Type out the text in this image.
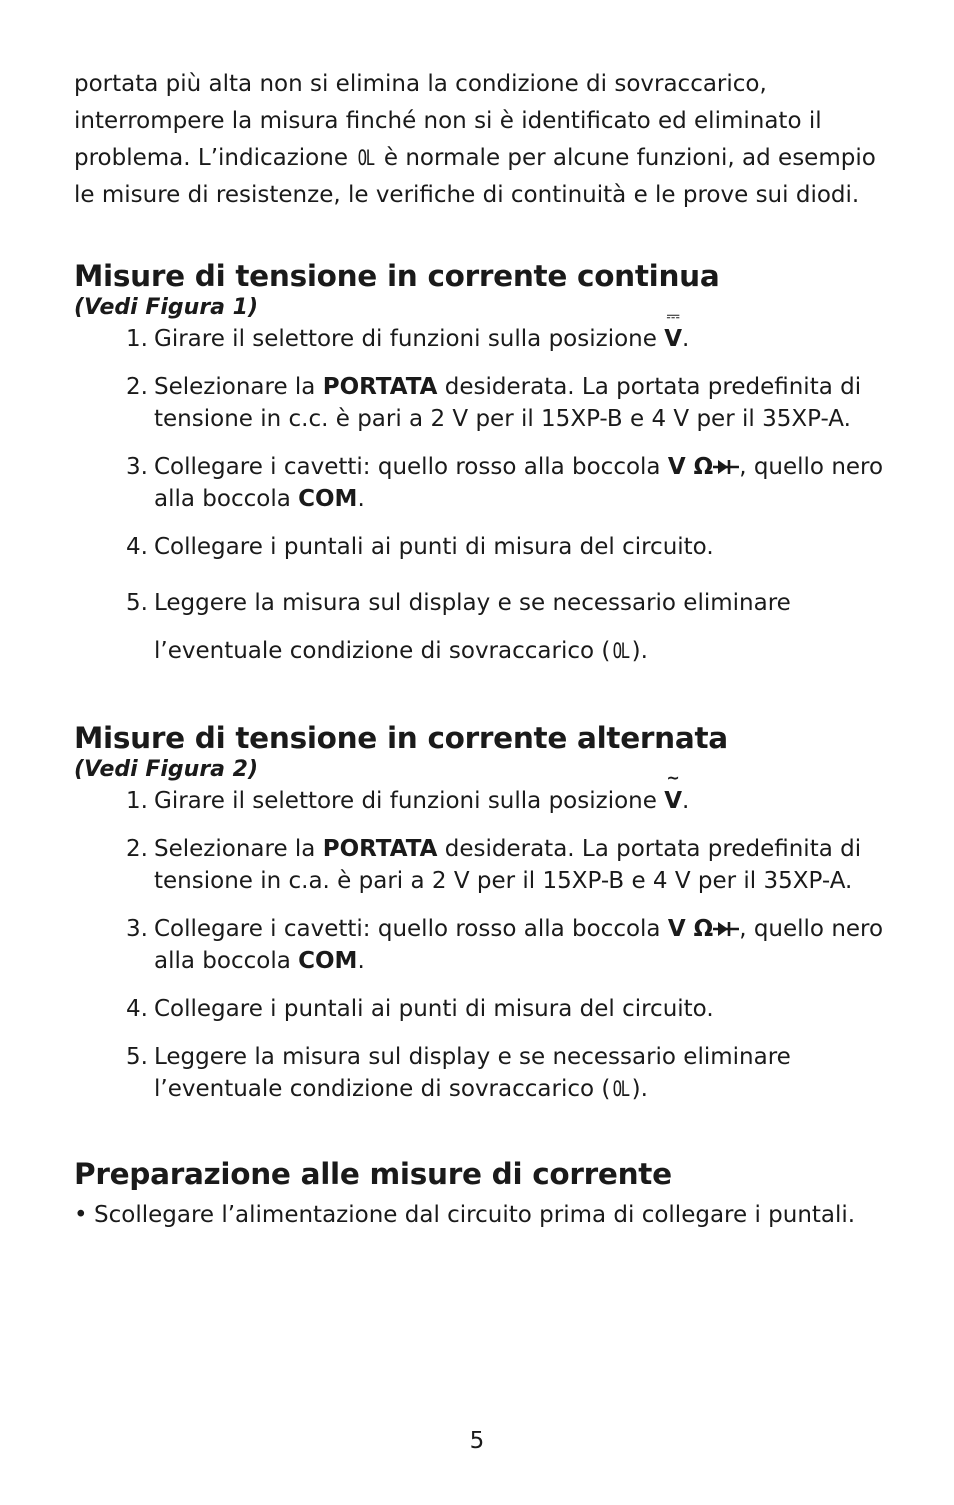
portata più alta non si elimina la condizione di sovraccarico, interrompere la misura finché non si è identificato ed eliminato il problema. L’indicazione OL è normale per alcune funzioni, ad esempio le misure di resistenze, le verifiche di continuità e le prove sui diodi.

Misure di tensione in corrente continua

(Vedi Figura 1)

1. Girare il selettore di funzioni sulla posizione
⎓
V.
2. Selezionare la PORTATA desiderata. La portata predefinita di tensione in c.c. è pari a 2 V per il 15XP-B e 4 V per il 35XP-A.
3. Collegare i cavetti: quello rosso alla boccola V Ω , quello nero alla boccola COM.
4. Collegare i puntali ai punti di misura del circuito.
5. Leggere la misura sul display e se necessario eliminare
l’eventuale condizione di sovraccarico ( OL ).
Misure di tensione in corrente alternata

(Vedi Figura 2)

1. Girare il selettore di funzioni sulla posizione
~
V.
2. Selezionare la PORTATA desiderata. La portata predefinita di tensione in c.a. è pari a 2 V per il 15XP-B e 4 V per il 35XP-A.
3. Collegare i cavetti: quello rosso alla boccola V Ω , quello nero alla boccola COM.
4. Collegare i puntali ai punti di misura del circuito.
5. Leggere la misura sul display e se necessario eliminare
l’eventuale condizione di sovraccarico ( OL ).
Preparazione alle misure di corrente
• Scollegare l’alimentazione dal circuito prima di collegare i puntali.
5
